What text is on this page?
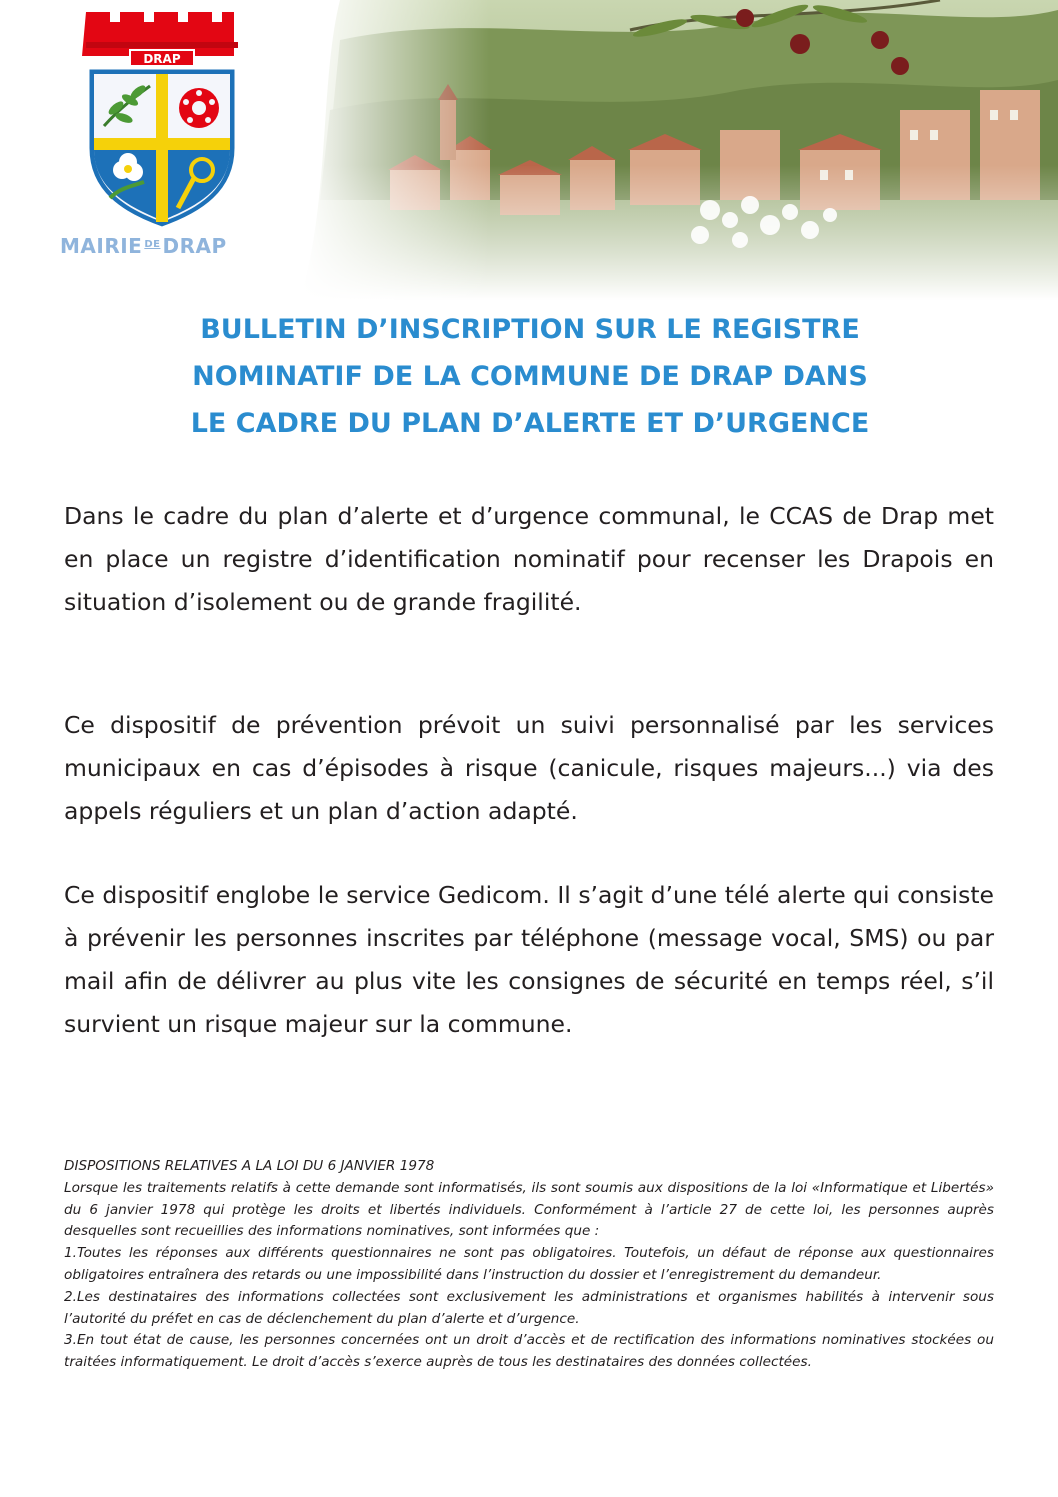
DRAP
MAIRIE $^{DE}$ DRAP
BULLETIN D’INSCRIPTION SUR LE REGISTRE
NOMINATIF DE LA COMMUNE DE DRAP DANS
LE CADRE DU PLAN D’ALERTE ET D’URGENCE
Dans le cadre du plan d’alerte et d’urgence communal, le CCAS de Drap met en place un registre d’identification nominatif pour recenser les Drapois en situation d’isolement ou de grande fragilité.
Ce dispositif de prévention prévoit un suivi personnalisé par les services municipaux en cas d’épisodes à risque (canicule, risques majeurs...) via des appels réguliers et un plan d’action adapté.
Ce dispositif englobe le service Gedicom. Il s’agit d’une télé alerte qui consiste à prévenir les personnes inscrites par téléphone (message vocal, SMS) ou par mail afin de délivrer au plus vite les consignes de sécurité en temps réel, s’il survient un risque majeur sur la commune.

DISPOSITIONS RELATIVES A LA LOI DU 6 JANVIER 1978

Lorsque les traitements relatifs à cette demande sont informatisés, ils sont soumis aux dispositions de la loi «Informatique et Libertés» du 6 janvier 1978 qui protège les droits et libertés individuels. Conformément à l’article 27 de cette loi, les personnes auprès desquelles sont recueillies des informations nominatives, sont informées que :

1.Toutes les réponses aux différents questionnaires ne sont pas obligatoires. Toutefois, un défaut de réponse aux questionnaires obligatoires entraînera des retards ou une impossibilité dans l’instruction du dossier et l’enregistrement du demandeur.

2.Les destinataires des informations collectées sont exclusivement les administrations et organismes habilités à intervenir sous l’autorité du préfet en cas de déclenchement du plan d’alerte et d’urgence.

3.En tout état de cause, les personnes concernées ont un droit d’accès et de rectification des informations nominatives stockées ou traitées informatiquement. Le droit d’accès s’exerce auprès de tous les destinataires des données collectées.
